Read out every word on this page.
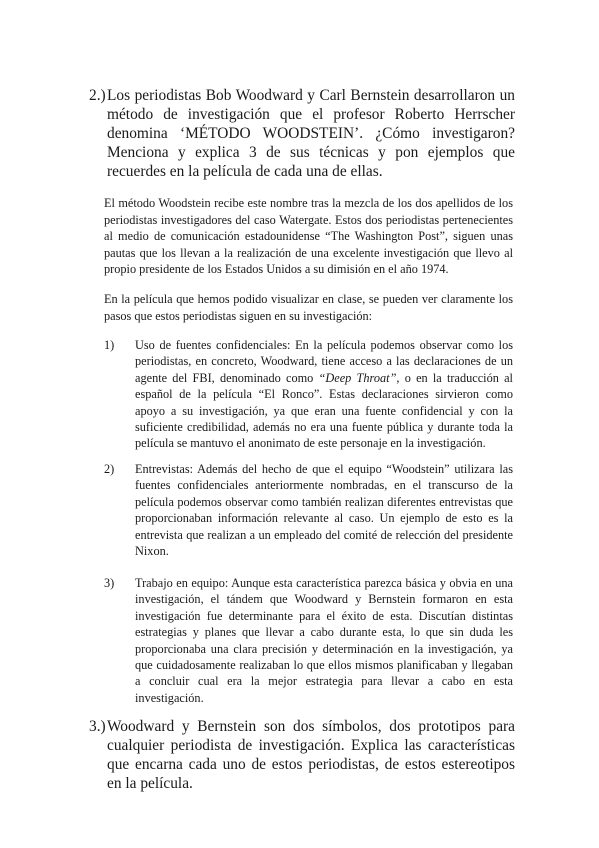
2.) Los periodistas Bob Woodward y Carl Bernstein desarrollaron un método de investigación que el profesor Roberto Herrscher denomina ‘MÉTODO WOODSTEIN’. ¿Cómo investigaron? Menciona y explica 3 de sus técnicas y pon ejemplos que recuerdes en la película de cada una de ellas.

El método Woodstein recibe este nombre tras la mezcla de los dos apellidos de los periodistas investigadores del caso Watergate. Estos dos periodistas pertenecientes al medio de comunicación estadounidense “The Washington Post”, siguen unas pautas que los llevan a la realización de una excelente investigación que llevo al propio presidente de los Estados Unidos a su dimisión en el año 1974.

En la película que hemos podido visualizar en clase, se pueden ver claramente los pasos que estos periodistas siguen en su investigación:

1) Uso de fuentes confidenciales: En la película podemos observar como los periodistas, en concreto, Woodward, tiene acceso a las declaraciones de un agente del FBI, denominado como “Deep Throat”, o en la traducción al español de la película “El Ronco”. Estas declaraciones sirvieron como apoyo a su investigación, ya que eran una fuente confidencial y con la suficiente credibilidad, además no era una fuente pública y durante toda la película se mantuvo el anonimato de este personaje en la investigación.
2) Entrevistas: Además del hecho de que el equipo “Woodstein” utilizara las fuentes confidenciales anteriormente nombradas, en el transcurso de la película podemos observar como también realizan diferentes entrevistas que proporcionaban información relevante al caso. Un ejemplo de esto es la entrevista que realizan a un empleado del comité de relección del presidente Nixon.
3) Trabajo en equipo: Aunque esta característica parezca básica y obvia en una investigación, el tándem que Woodward y Bernstein formaron en esta investigación fue determinante para el éxito de esta. Discutían distintas estrategias y planes que llevar a cabo durante esta, lo que sin duda les proporcionaba una clara precisión y determinación en la investigación, ya que cuidadosamente realizaban lo que ellos mismos planificaban y llegaban a concluir cual era la mejor estrategia para llevar a cabo en esta investigación.
3.) Woodward y Bernstein son dos símbolos, dos prototipos para cualquier periodista de investigación. Explica las características que encarna cada uno de estos periodistas, de estos estereotipos en la película.
